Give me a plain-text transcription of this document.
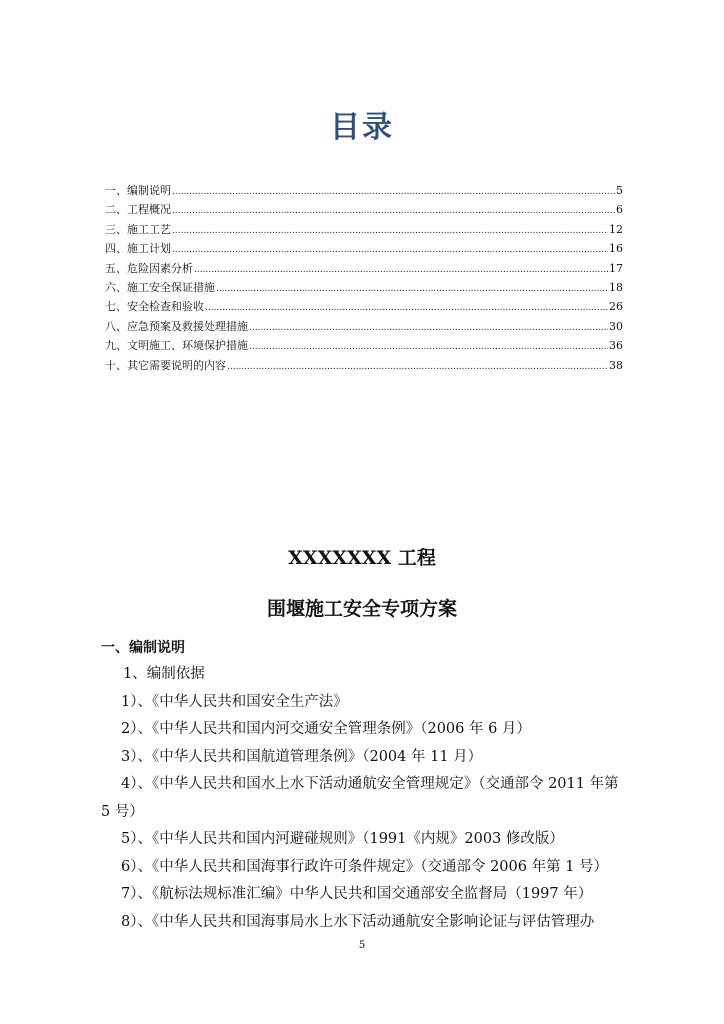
目录
一、编制说明 .....	5
二、工程概况 .....	6
三、施工工艺 .....	12
四、施工计划 .....	16
五、危险因素分析 .....	17
六、施工安全保证措施 .....	18
七、安全检查和验收 .....	26
八、应急预案及救援处理措施 .....	30
九、文明施工、环境保护措施 .....	36
十、其它需要说明的内容 .....	38
XXXXXXX 工程
围堰施工安全专项方案
一、编制说明

1、编制依据

1）、《中华人民共和国安全生产法》

2）、《中华人民共和国内河交通安全管理条例》（2006 年 6 月）

3）、《中华人民共和国航道管理条例》（2004 年 11 月）

4）、《中华人民共和国水上水下活动通航安全管理规定》（交通部令 2011 年第 5 号）

5）、《中华人民共和国内河避碰规则》（1991《内规》2003 修改版）

6）、《中华人民共和国海事行政许可条件规定》（交通部令 2006 年第 1 号）

7）、《航标法规标准汇编》中华人民共和国交通部安全监督局（1997 年）

8）、《中华人民共和国海事局水上水下活动通航安全影响论证与评估管理办

5
